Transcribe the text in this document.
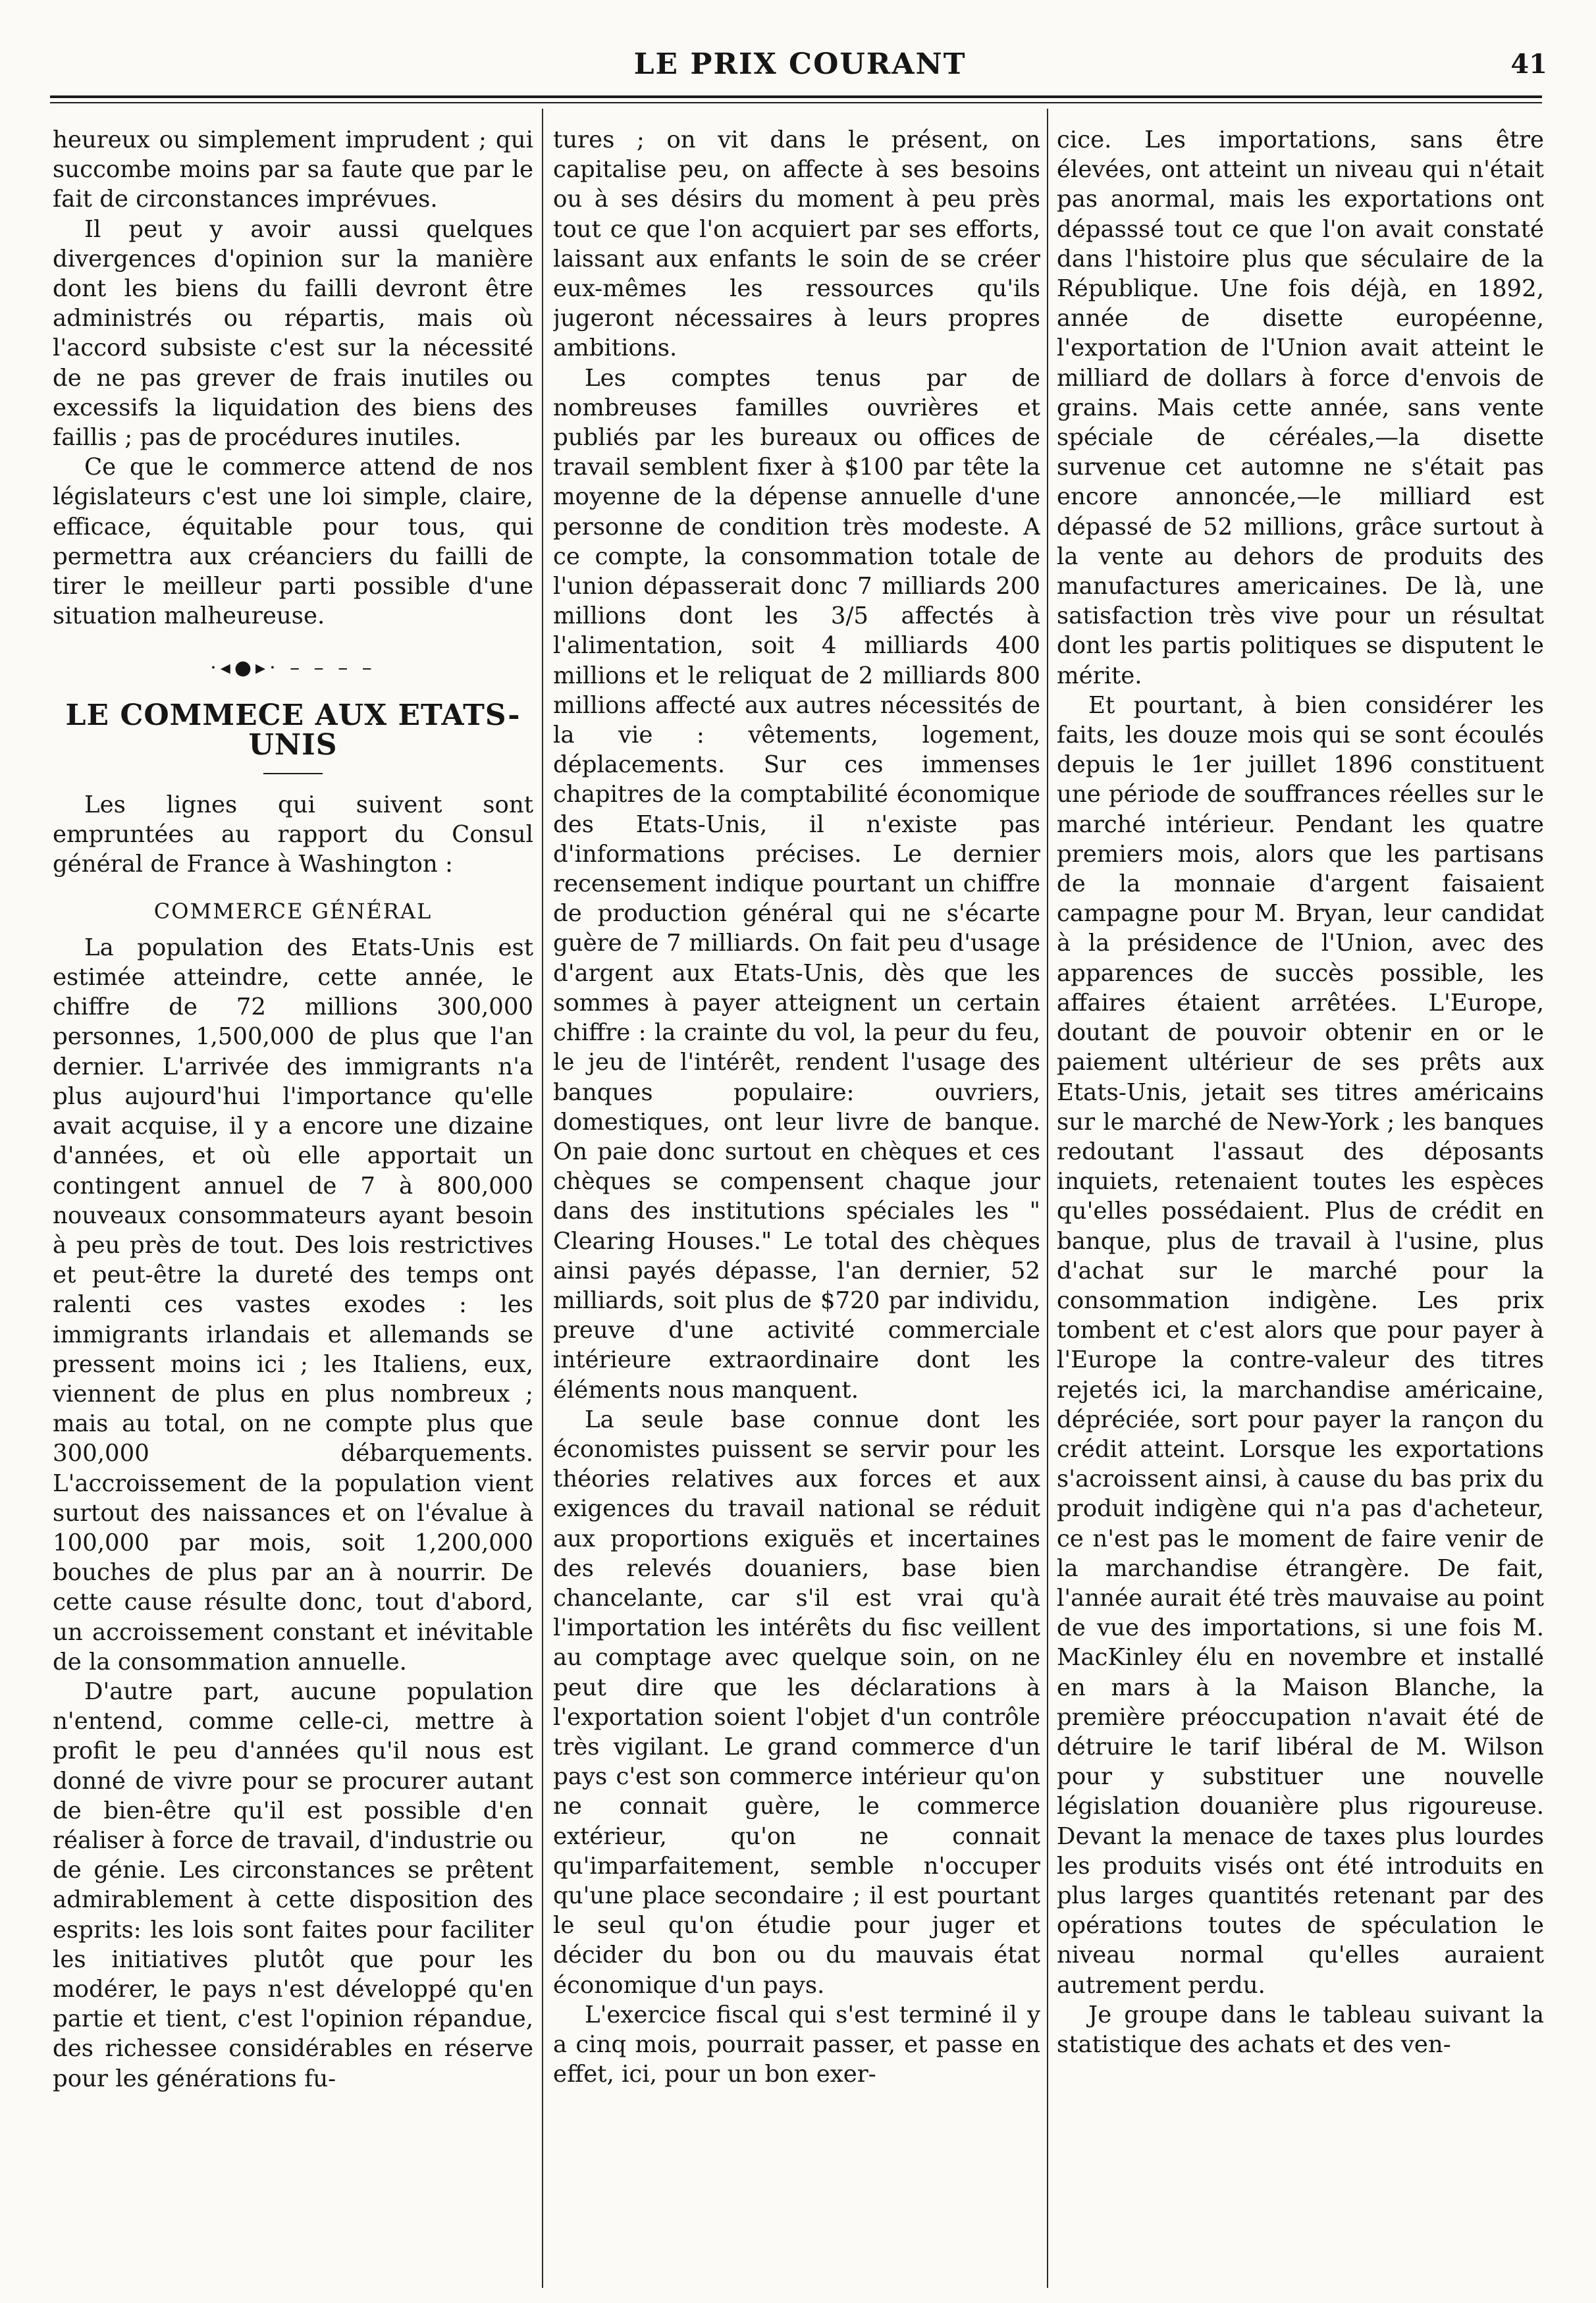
LE PRIX COURANT	41

heureux ou simplement imprudent ; qui succombe moins par sa faute que par le fait de circonstances imprévues.

Il peut y avoir aussi quelques divergences d'opinion sur la manière dont les biens du failli devront être administrés ou répartis, mais où l'accord subsiste c'est sur la nécessité de ne pas grever de frais inutiles ou excessifs la liquidation des biens des faillis ; pas de procédures inutiles.

Ce que le commerce attend de nos législateurs c'est une loi simple, claire, efficace, équitable pour tous, qui permettra aux créanciers du failli de tirer le meilleur parti possible d'une situation malheureuse.

·◂●▸· – – – –
LE COMMECE AUX ETATS-UNIS

Les lignes qui suivent sont empruntées au rapport du Consul général de France à Washington :

COMMERCE GÉNÉRAL

La population des Etats-Unis est estimée atteindre, cette année, le chiffre de 72 millions 300,000 personnes, 1,500,000 de plus que l'an dernier. L'arrivée des immigrants n'a plus aujourd'hui l'importance qu'elle avait acquise, il y a encore une dizaine d'années, et où elle apportait un contingent annuel de 7 à 800,000 nouveaux consommateurs ayant besoin à peu près de tout. Des lois restrictives et peut-être la dureté des temps ont ralenti ces vastes exodes : les immigrants irlandais et allemands se pressent moins ici ; les Italiens, eux, viennent de plus en plus nombreux ; mais au total, on ne compte plus que 300,000 débarquements. L'accroissement de la population vient surtout des naissances et on l'évalue à 100,000 par mois, soit 1,200,000 bouches de plus par an à nourrir. De cette cause résulte donc, tout d'abord, un accroissement constant et inévitable de la consommation annuelle.

D'autre part, aucune population n'entend, comme celle-ci, mettre à profit le peu d'années qu'il nous est donné de vivre pour se procurer autant de bien-être qu'il est possible d'en réaliser à force de travail, d'industrie ou de génie. Les circonstances se prêtent admirablement à cette disposition des esprits: les lois sont faites pour faciliter les initiatives plutôt que pour les modérer, le pays n'est développé qu'en partie et tient, c'est l'opinion répandue, des richessee considérables en réserve pour les générations fu-

tures ; on vit dans le présent, on capitalise peu, on affecte à ses besoins ou à ses désirs du moment à peu près tout ce que l'on acquiert par ses efforts, laissant aux enfants le soin de se créer eux-mêmes les ressources qu'ils jugeront nécessaires à leurs propres ambitions.

Les comptes tenus par de nombreuses familles ouvrières et publiés par les bureaux ou offices de travail semblent fixer à $100 par tête la moyenne de la dépense annuelle d'une personne de condition très modeste. A ce compte, la consommation totale de l'union dépasserait donc 7 milliards 200 millions dont les 3/5 affectés à l'alimentation, soit 4 milliards 400 millions et le reliquat de 2 milliards 800 millions affecté aux autres nécessités de la vie : vêtements, logement, déplacements. Sur ces immenses chapitres de la comptabilité économique des Etats-Unis, il n'existe pas d'informations précises. Le dernier recensement indique pourtant un chiffre de production général qui ne s'écarte guère de 7 milliards. On fait peu d'usage d'argent aux Etats-Unis, dès que les sommes à payer atteignent un certain chiffre : la crainte du vol, la peur du feu, le jeu de l'intérêt, rendent l'usage des banques populaire: ouvriers, domestiques, ont leur livre de banque. On paie donc surtout en chèques et ces chèques se compensent chaque jour dans des institutions spéciales les " Clearing Houses." Le total des chèques ainsi payés dépasse, l'an dernier, 52 milliards, soit plus de $720 par individu, preuve d'une activité commerciale intérieure extraordinaire dont les éléments nous manquent.

La seule base connue dont les économistes puissent se servir pour les théories relatives aux forces et aux exigences du travail national se réduit aux proportions exiguës et incertaines des relevés douaniers, base bien chancelante, car s'il est vrai qu'à l'importation les intérêts du fisc veillent au comptage avec quelque soin, on ne peut dire que les déclarations à l'exportation soient l'objet d'un contrôle très vigilant. Le grand commerce d'un pays c'est son commerce intérieur qu'on ne connait guère, le commerce extérieur, qu'on ne connait qu'imparfaitement, semble n'occuper qu'une place secondaire ; il est pourtant le seul qu'on étudie pour juger et décider du bon ou du mauvais état économique d'un pays.

L'exercice fiscal qui s'est terminé il y a cinq mois, pourrait passer, et passe en effet, ici, pour un bon exer-

cice. Les importations, sans être élevées, ont atteint un niveau qui n'était pas anormal, mais les exportations ont dépasssé tout ce que l'on avait constaté dans l'histoire plus que séculaire de la République. Une fois déjà, en 1892, année de disette européenne, l'exportation de l'Union avait atteint le milliard de dollars à force d'envois de grains. Mais cette année, sans vente spéciale de céréales,—la disette survenue cet automne ne s'était pas encore annoncée,—le milliard est dépassé de 52 millions, grâce surtout à la vente au dehors de produits des manufactures americaines. De là, une satisfaction très vive pour un résultat dont les partis politiques se disputent le mérite.

Et pourtant, à bien considérer les faits, les douze mois qui se sont écoulés depuis le 1er juillet 1896 constituent une période de souffrances réelles sur le marché intérieur. Pendant les quatre premiers mois, alors que les partisans de la monnaie d'argent faisaient campagne pour M. Bryan, leur candidat à la présidence de l'Union, avec des apparences de succès possible, les affaires étaient arrêtées. L'Europe, doutant de pouvoir obtenir en or le paiement ultérieur de ses prêts aux Etats-Unis, jetait ses titres américains sur le marché de New-York ; les banques redoutant l'assaut des déposants inquiets, retenaient toutes les espèces qu'elles possédaient. Plus de crédit en banque, plus de travail à l'usine, plus d'achat sur le marché pour la consommation indigène. Les prix tombent et c'est alors que pour payer à l'Europe la contre-valeur des titres rejetés ici, la marchandise américaine, dépréciée, sort pour payer la rançon du crédit atteint. Lorsque les exportations s'acroissent ainsi, à cause du bas prix du produit indigène qui n'a pas d'acheteur, ce n'est pas le moment de faire venir de la marchandise étrangère. De fait, l'année aurait été très mauvaise au point de vue des importations, si une fois M. MacKinley élu en novembre et installé en mars à la Maison Blanche, la première préoccupation n'avait été de détruire le tarif libéral de M. Wilson pour y substituer une nouvelle législation douanière plus rigoureuse. Devant la menace de taxes plus lourdes les produits visés ont été introduits en plus larges quantités retenant par des opérations toutes de spéculation le niveau normal qu'elles auraient autrement perdu.

Je groupe dans le tableau suivant la statistique des achats et des ven-
